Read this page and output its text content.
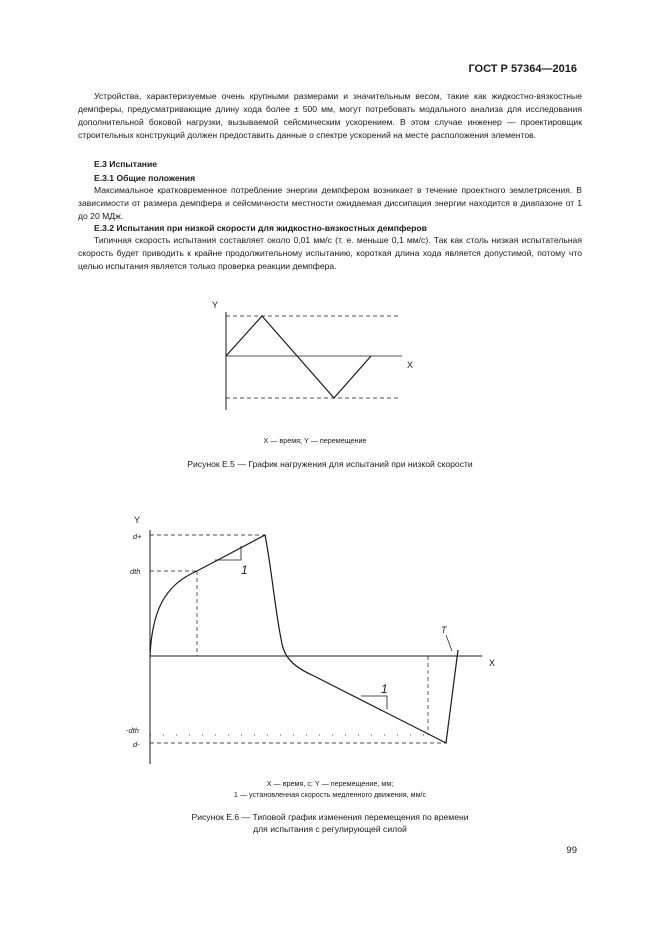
ГОСТ Р 57364—2016

Устройства, характеризуемые очень крупными размерами и значительным весом, такие как жидкостно-вязкостные демпферы, предусматривающие длину хода более ± 500 мм, могут потребовать модального анализа для исследования дополнительной боковой нагрузки, вызываемой сейсмическим ускорением. В этом случае инженер — проектировщик строительных конструкций должен предоставить данные о спектре ускорений на месте расположения элементов.

Е.3 Испытание
Е.3.1 Общие положения

Максимальное кратковременное потребление энергии демпфером возникает в течение проектного землетрясения. В зависимости от размера демпфера и сейсмичности местности ожидаемая диссипация энергии находится в диапазоне от 1 до 20 МДж.

Е.3.2 Испытания при низкой скорости для жидкостно-вязкостных демпферов

Типичная скорость испытания составляет около 0,01 мм/с (т. е. меньше 0,1 мм/с). Так как столь низкая испытательная скорость будет приводить к крайне продолжительному испытанию, короткая длина хода является допустимой, потому что целью испытания является только проверка реакции демпфера.

Y
X
Y
X
d+
dth
-dth
d-
1
1
T
X — время; Y — перемещение
Рисунок Е.5 — График нагружения для испытаний при низкой скорости
X — время, с; Y — перемещение, мм;
1 — установленная скорость медленного движения, мм/с
Рисунок Е.6 — Типовой график изменения перемещения по времени
для испытания с регулирующей силой
99
